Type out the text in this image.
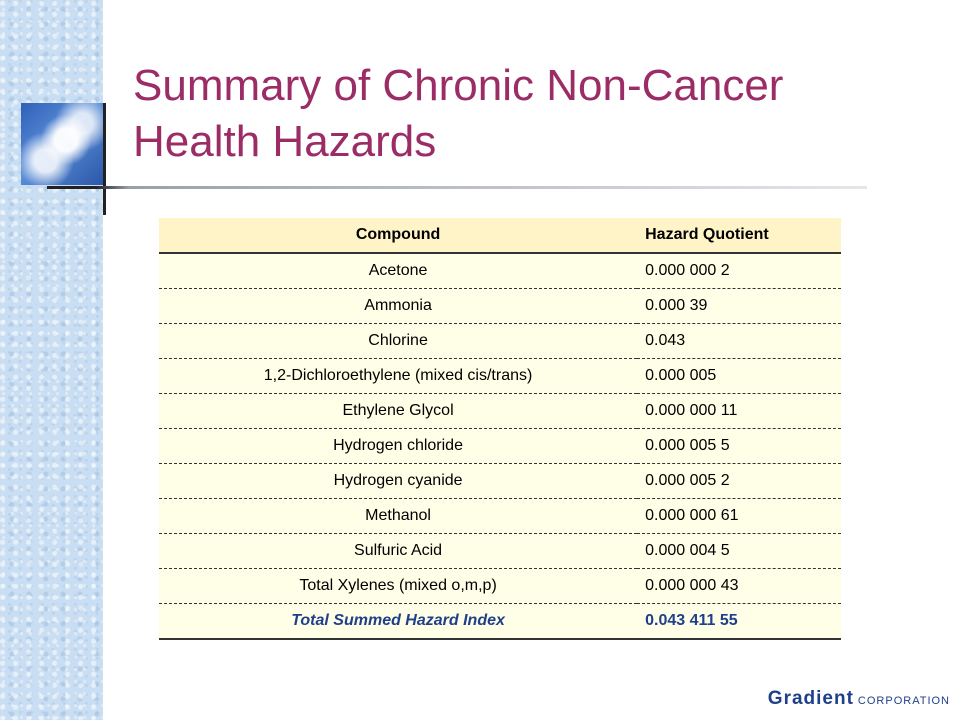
Summary of Chronic Non-Cancer
Health Hazards
Compound	Hazard Quotient
Acetone	0.000 000 2
Ammonia	0.000 39
Chlorine	0.043
1,2-Dichloroethylene (mixed cis/trans)	0.000 005
Ethylene Glycol	0.000 000 11
Hydrogen chloride	0.000 005 5
Hydrogen cyanide	0.000 005 2
Methanol	0.000 000 61
Sulfuric Acid	0.000 004 5
Total Xylenes (mixed o,m,p)	0.000 000 43
Total Summed Hazard Index	0.043 411 55
Gradient CORPORATION
